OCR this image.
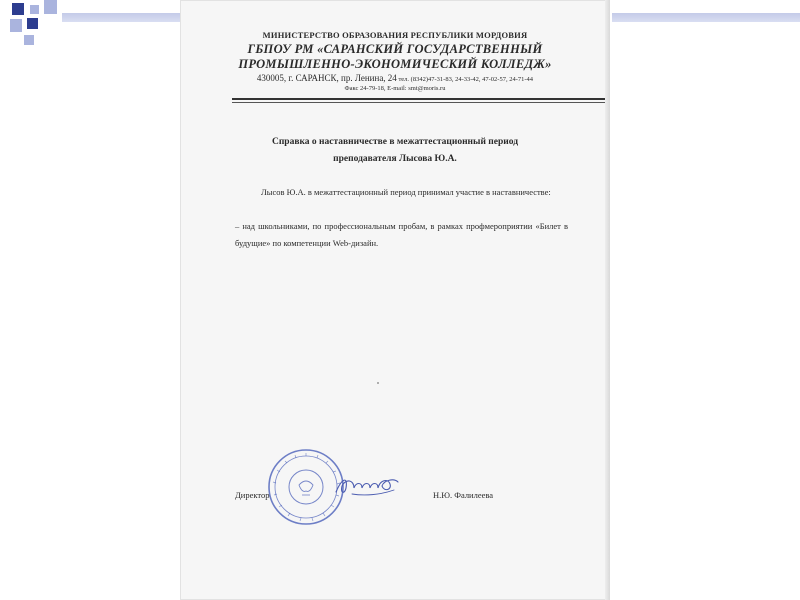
МИНИСТЕРСТВО ОБРАЗОВАНИЯ РЕСПУБЛИКИ МОРДОВИЯ
ГБПОУ РМ «САРАНСКИЙ ГОСУДАРСТВЕННЫЙ
ПРОМЫШЛЕННО-ЭКОНОМИЧЕСКИЙ КОЛЛЕДЖ»
430005, г. САРАНСК, пр. Ленина, 24 тел. (8342)47-31-83, 24-33-42, 47-02-57, 24-71-44
Факс 24-79-18, E-mail: smt@moris.ru
Справка о наставничестве в межаттестационный период
преподавателя Лысова Ю.А.
Лысов Ю.А. в межаттестационный период принимал участие в наставничестве:
– над школьниками, по профессиональным пробам, в рамках профмероприятии «Билет в будущие» по компетенции Web-дизайн.
Директор	Н.Ю. Фалилеева
